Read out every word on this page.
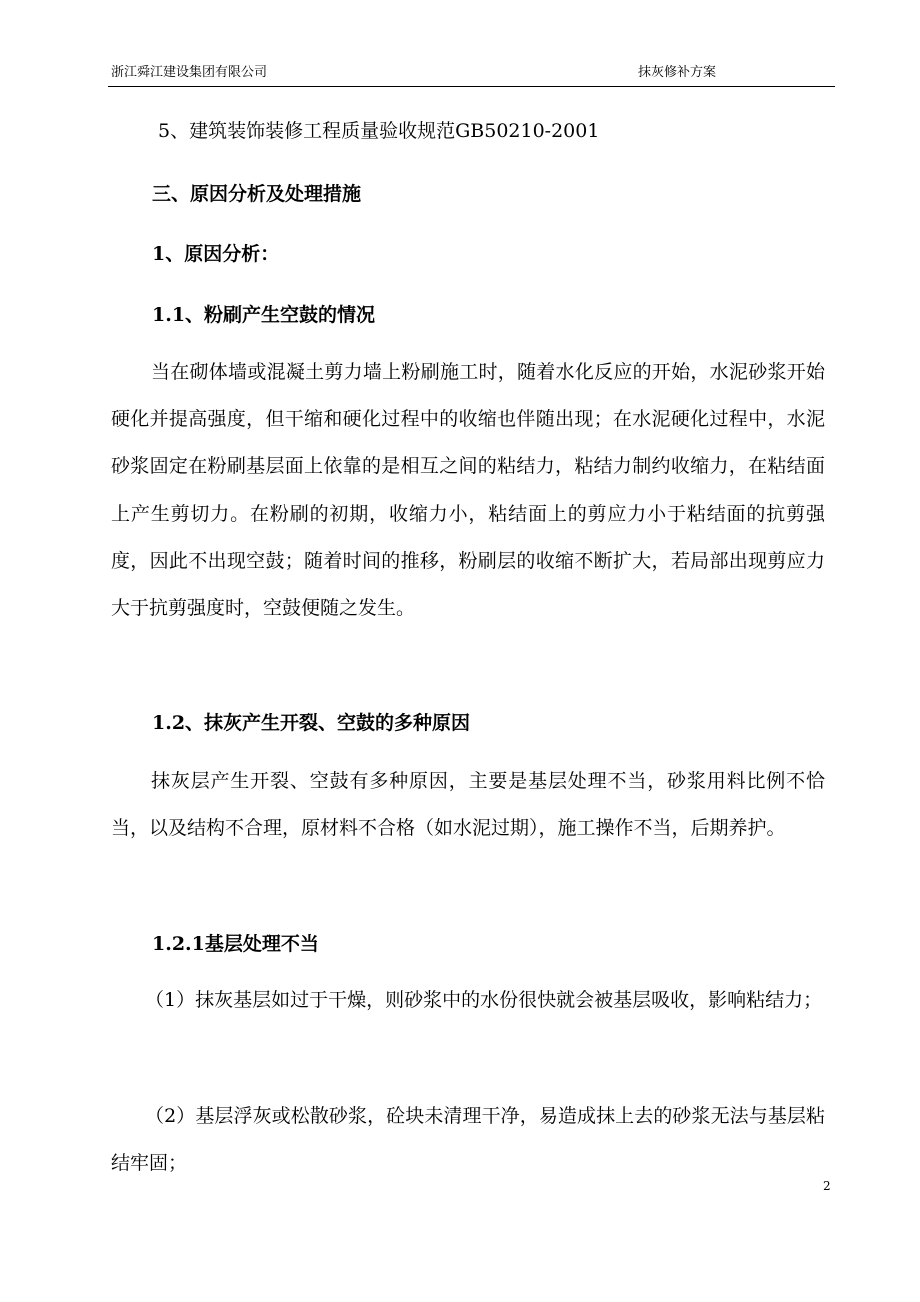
浙江舜江建设集团有限公司	抹灰修补方案
5、建筑装饰装修工程质量验收规范GB50210-2001
三、原因分析及处理措施
1、原因分析：
1.1、粉刷产生空鼓的情况
当在砌体墙或混凝土剪力墙上粉刷施工时，随着水化反应的开始，水泥砂浆开始硬化并提高强度，但干缩和硬化过程中的收缩也伴随出现；在水泥硬化过程中，水泥砂浆固定在粉刷基层面上依靠的是相互之间的粘结力，粘结力制约收缩力，在粘结面上产生剪切力。在粉刷的初期，收缩力小，粘结面上的剪应力小于粘结面的抗剪强度，因此不出现空鼓；随着时间的推移，粉刷层的收缩不断扩大，若局部出现剪应力大于抗剪强度时，空鼓便随之发生。
1.2、抹灰产生开裂、空鼓的多种原因
抹灰层产生开裂、空鼓有多种原因，主要是基层处理不当，砂浆用料比例不恰当，以及结构不合理，原材料不合格（如水泥过期），施工操作不当，后期养护。
1.2.1基层处理不当
（1）抹灰基层如过于干燥，则砂浆中的水份很快就会被基层吸收，影响粘结力；
（2）基层浮灰或松散砂浆，砼块未清理干净，易造成抹上去的砂浆无法与基层粘结牢固；
2
